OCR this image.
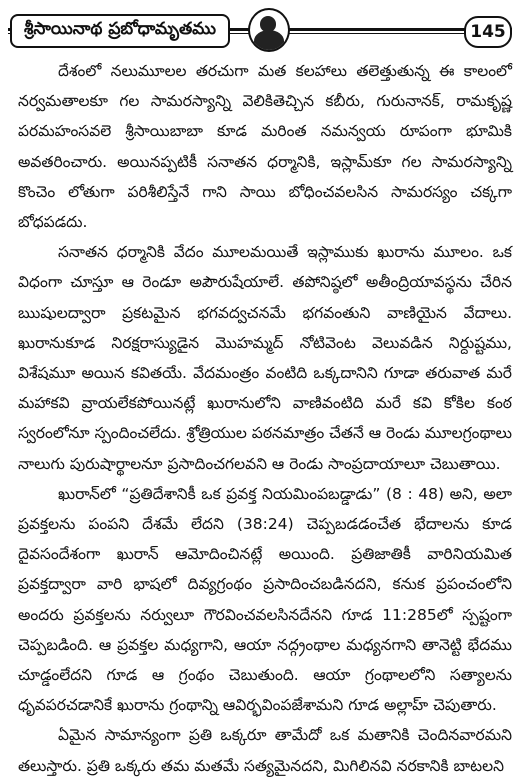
శ్రీసాయినాథ ప్రబోధామృతము	145

దేశంలో నలుమూలల తరచుగా మత కలహాలు తలెత్తుతున్న ఈ కాలంలో నర్వమతాలకూ గల సామరస్యాన్ని వెలికితెచ్చిన కబీరు, గురునానక్, రామకృష్ణ పరమహంసవలె శ్రీసాయిబాబా కూడ మరింత నమన్వయ రూపంగా భూమికి అవతరించారు. అయినప్పటికీ సనాతన ధర్మానికి, ఇస్లామ్‌కూ గల సామరస్యాన్ని కొంచెం లోతుగా పరిశీలిస్తేనే గాని సాయి బోధించవలసిన సామరస్యం చక్కగా బోధపడదు.

సనాతన ధర్మానికి వేదం మూలమయితే ఇస్లాముకు ఖురాను మూలం. ఒక విధంగా చూస్తూ ఆ రెండూ అపౌరుషేయాలే. తపోనిష్ఠలో అతీంద్రియావస్థను చేరిన ఋషులద్వారా ప్రకటమైన భగవద్వచనమే భగవంతుని వాణియైన వేదాలు. ఖురానుకూడ నిరక్షరాస్యుడైన మొహమ్మద్ నోటివెంట వెలువడిన నిర్దుష్టము, విశేషమూ అయిన కవితయే. వేదమంత్రం వంటిది ఒక్కదానిని గూడా తరువాత మరే మహాకవి వ్రాయలేకపోయినట్లే ఖురానులోని వాణివంటిది మరే కవి కోకిల కంఠ స్వరంలోనూ స్పందించలేదు. శ్రోత్రియుల పఠనమాత్రం చేతనే ఆ రెండు మూలగ్రంథాలు నాలుగు పురుషార్థాలనూ ప్రసాదించగలవని ఆ రెండు సాంప్రదాయాలూ చెబుతాయి.

ఖురాన్‌లో “ప్రతిదేశానికీ ఒక ప్రవక్త నియమింపబడ్డాడు” (8 : 48) అని, అలా ప్రవక్తలను పంపని దేశమే లేదని (38:24) చెప్పబడడంచేత భేదాలను కూడ దైవసందేశంగా ఖురాన్ ఆమోదించినట్లే అయింది. ప్రతిజాతికీ వారినియమిత ప్రవక్తద్వారా వారి భాషలో దివ్యగ్రంథం ప్రసాదించబడినదని, కనుక ప్రపంచంలోని అందరు ప్రవక్తలను నర్వులూ గౌరవించవలసినదేనని గూడ 11:285లో స్పష్టంగా చెప్పబడింది. ఆ ప్రవక్తల మధ్యగాని, ఆయా నద్గ్రంథాల మధ్యనగాని తానెట్టి భేదము చూడ్డంలేదని గూడ ఆ గ్రంథం చెబుతుంది. ఆయా గ్రంథాలలోని సత్యాలను ధృవపరచడానికే ఖురాను గ్రంథాన్ని ఆవిర్భవింపజేశామని గూడ అల్లాహ్ చెపుతారు.

ఏమైన సామాన్యంగా ప్రతి ఒక్కరూ తామేదో ఒక మతానికి చెందినవారమని తలుస్తారు. ప్రతి ఒక్కరు తమ మతమే సత్యమైనదని, మిగిలినవి నరకానికి బాటలని
